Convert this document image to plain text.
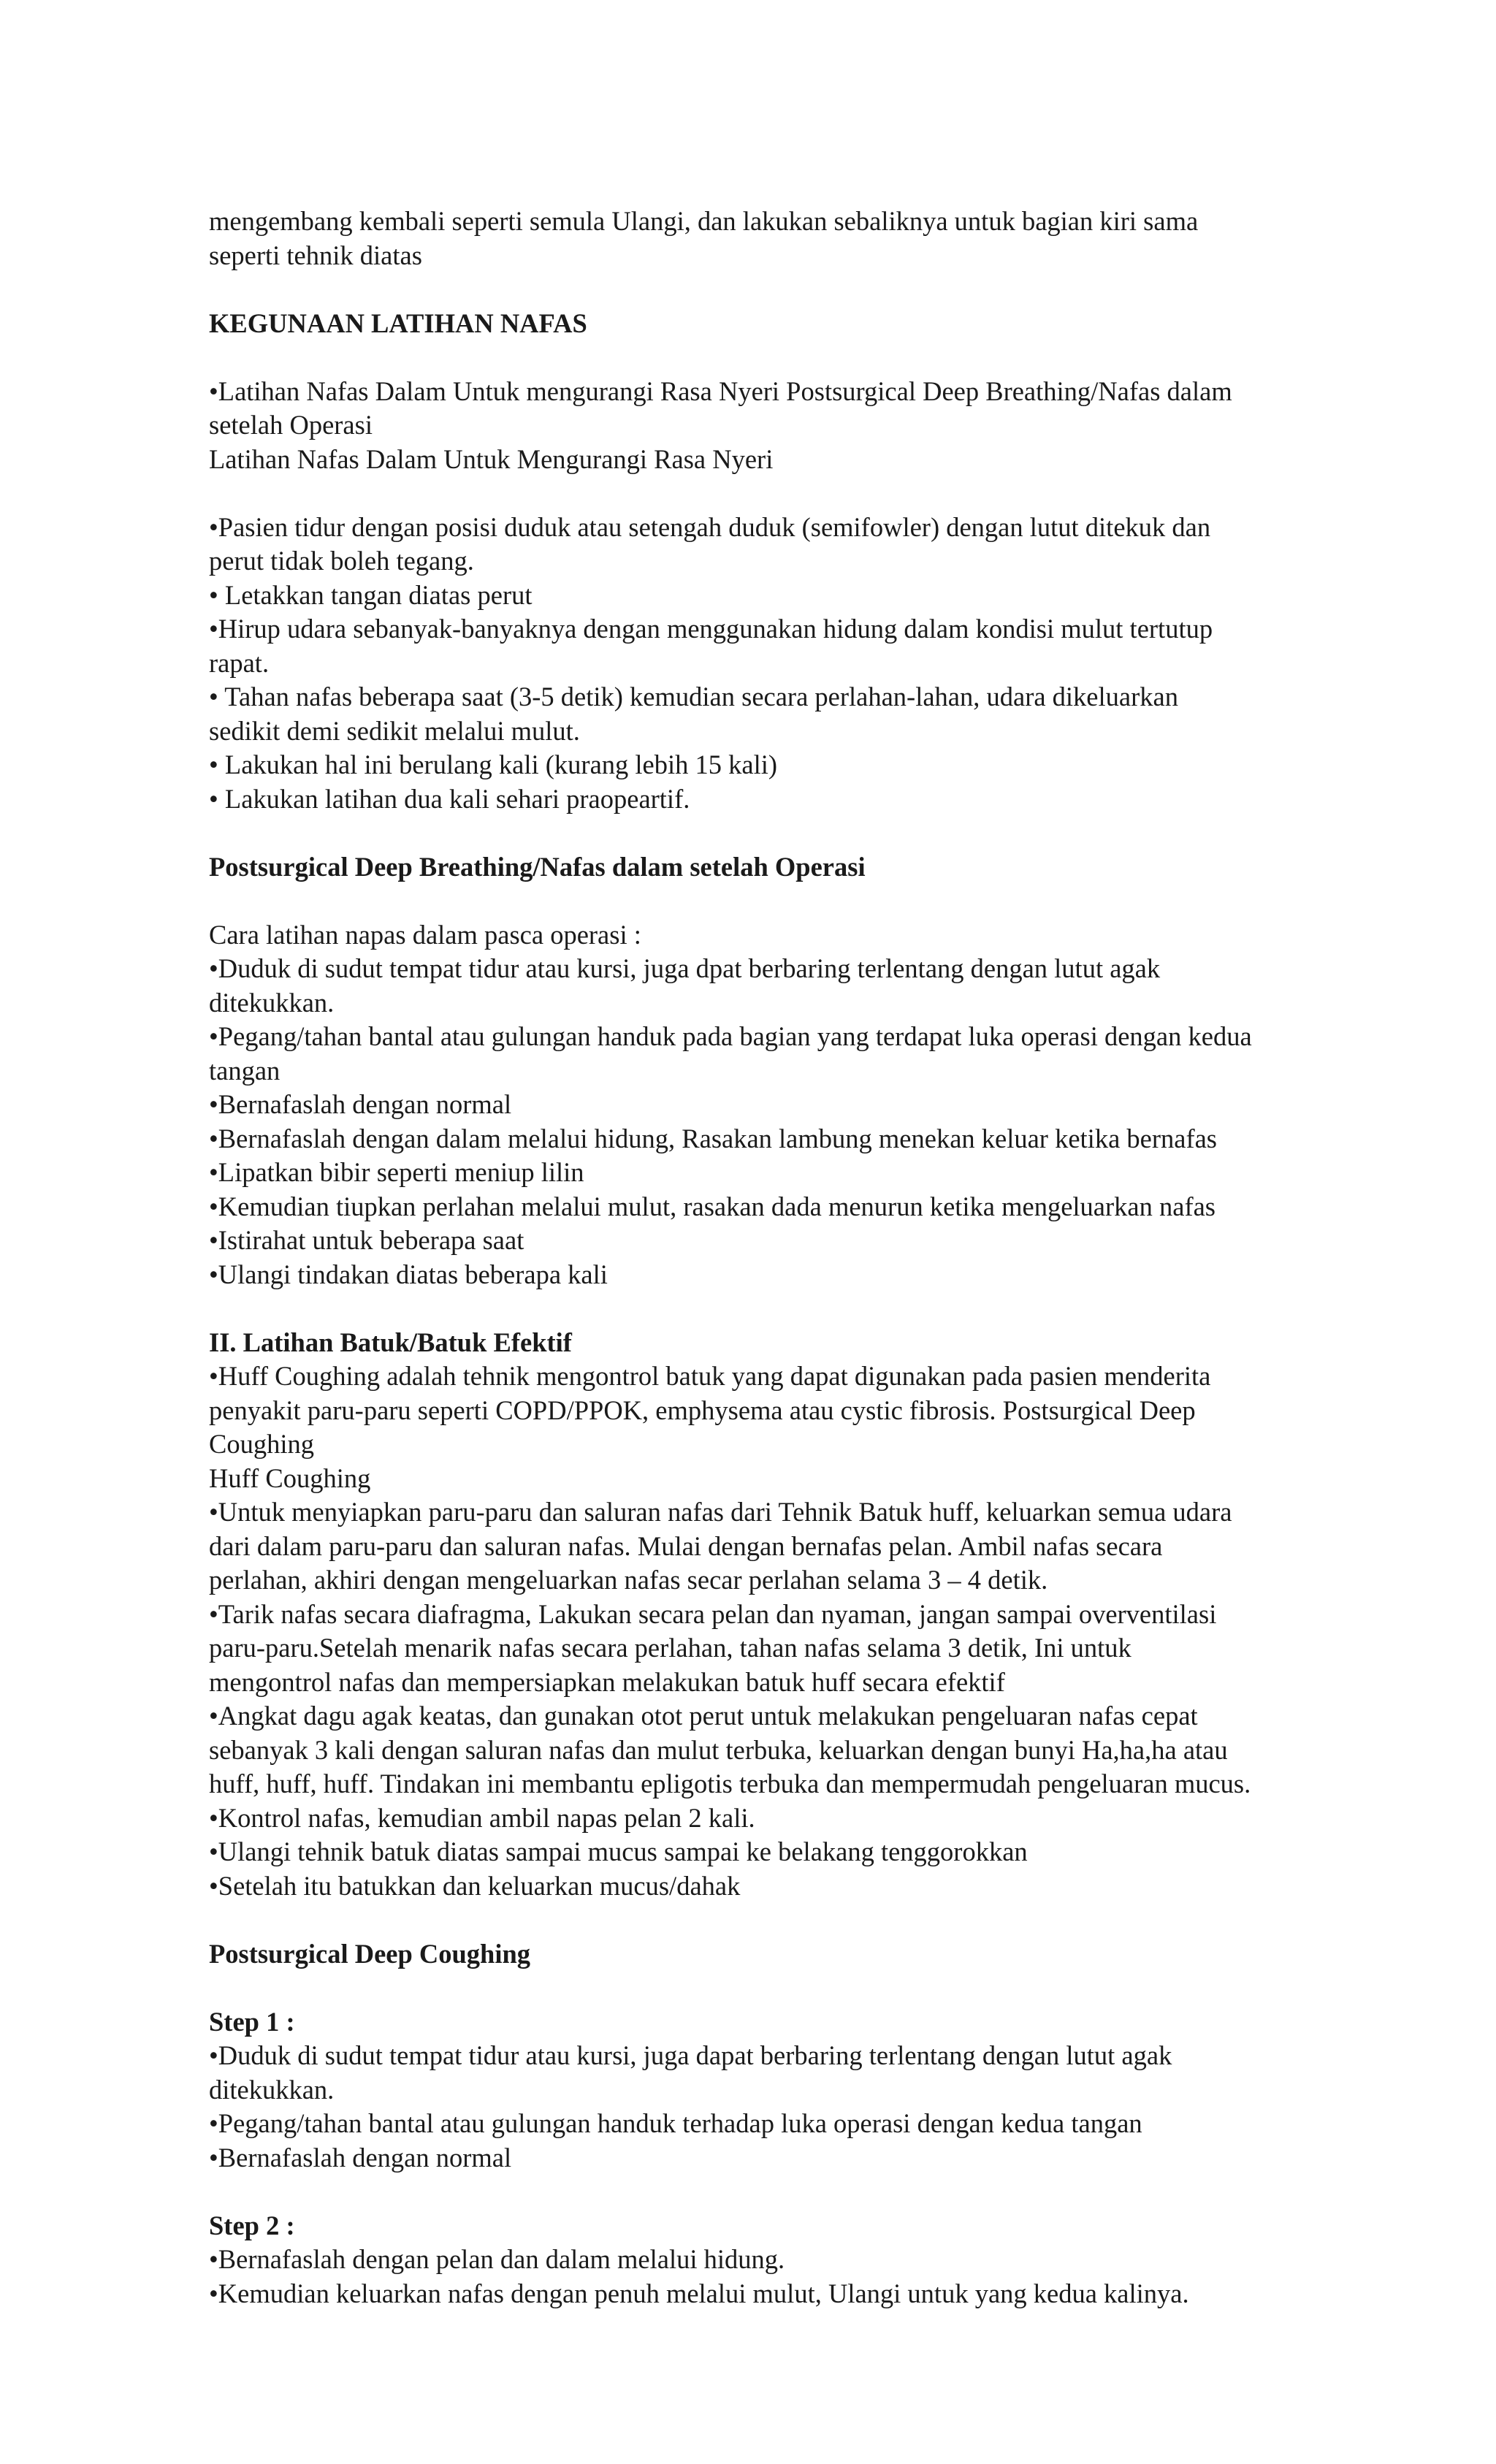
mengembang kembali seperti semula Ulangi, dan lakukan sebaliknya untuk bagian kiri sama
seperti tehnik diatas
KEGUNAAN LATIHAN NAFAS
•Latihan Nafas Dalam Untuk mengurangi Rasa Nyeri Postsurgical Deep Breathing/Nafas dalam
setelah Operasi
Latihan Nafas Dalam Untuk Mengurangi Rasa Nyeri
•Pasien tidur dengan posisi duduk atau setengah duduk (semifowler) dengan lutut ditekuk dan
perut tidak boleh tegang.
• Letakkan tangan diatas perut
•Hirup udara sebanyak-banyaknya dengan menggunakan hidung dalam kondisi mulut tertutup
rapat.
• Tahan nafas beberapa saat (3-5 detik) kemudian secara perlahan-lahan, udara dikeluarkan
sedikit demi sedikit melalui mulut.
• Lakukan hal ini berulang kali (kurang lebih 15 kali)
• Lakukan latihan dua kali sehari praopeartif.
Postsurgical Deep Breathing/Nafas dalam setelah Operasi
Cara latihan napas dalam pasca operasi :
•Duduk di sudut tempat tidur atau kursi, juga dpat berbaring terlentang dengan lutut agak
ditekukkan.
•Pegang/tahan bantal atau gulungan handuk pada bagian yang terdapat luka operasi dengan kedua
tangan
•Bernafaslah dengan normal
•Bernafaslah dengan dalam melalui hidung, Rasakan lambung menekan keluar ketika bernafas
•Lipatkan bibir seperti meniup lilin
•Kemudian tiupkan perlahan melalui mulut, rasakan dada menurun ketika mengeluarkan nafas
•Istirahat untuk beberapa saat
•Ulangi tindakan diatas beberapa kali
II. Latihan Batuk/Batuk Efektif
•Huff Coughing adalah tehnik mengontrol batuk yang dapat digunakan pada pasien menderita
penyakit paru-paru seperti COPD/PPOK, emphysema atau cystic fibrosis. Postsurgical Deep
Coughing
Huff Coughing
•Untuk menyiapkan paru-paru dan saluran nafas dari Tehnik Batuk huff, keluarkan semua udara
dari dalam paru-paru dan saluran nafas. Mulai dengan bernafas pelan. Ambil nafas secara
perlahan, akhiri dengan mengeluarkan nafas secar perlahan selama 3 – 4 detik.
•Tarik nafas secara diafragma, Lakukan secara pelan dan nyaman, jangan sampai overventilasi
paru-paru.Setelah menarik nafas secara perlahan, tahan nafas selama 3 detik, Ini untuk
mengontrol nafas dan mempersiapkan melakukan batuk huff secara efektif
•Angkat dagu agak keatas, dan gunakan otot perut untuk melakukan pengeluaran nafas cepat
sebanyak 3 kali dengan saluran nafas dan mulut terbuka, keluarkan dengan bunyi Ha,ha,ha atau
huff, huff, huff. Tindakan ini membantu epligotis terbuka dan mempermudah pengeluaran mucus.
•Kontrol nafas, kemudian ambil napas pelan 2 kali.
•Ulangi tehnik batuk diatas sampai mucus sampai ke belakang tenggorokkan
•Setelah itu batukkan dan keluarkan mucus/dahak
Postsurgical Deep Coughing
Step 1 :
•Duduk di sudut tempat tidur atau kursi, juga dapat berbaring terlentang dengan lutut agak
ditekukkan.
•Pegang/tahan bantal atau gulungan handuk terhadap luka operasi dengan kedua tangan
•Bernafaslah dengan normal
Step 2 :
•Bernafaslah dengan pelan dan dalam melalui hidung.
•Kemudian keluarkan nafas dengan penuh melalui mulut, Ulangi untuk yang kedua kalinya.
